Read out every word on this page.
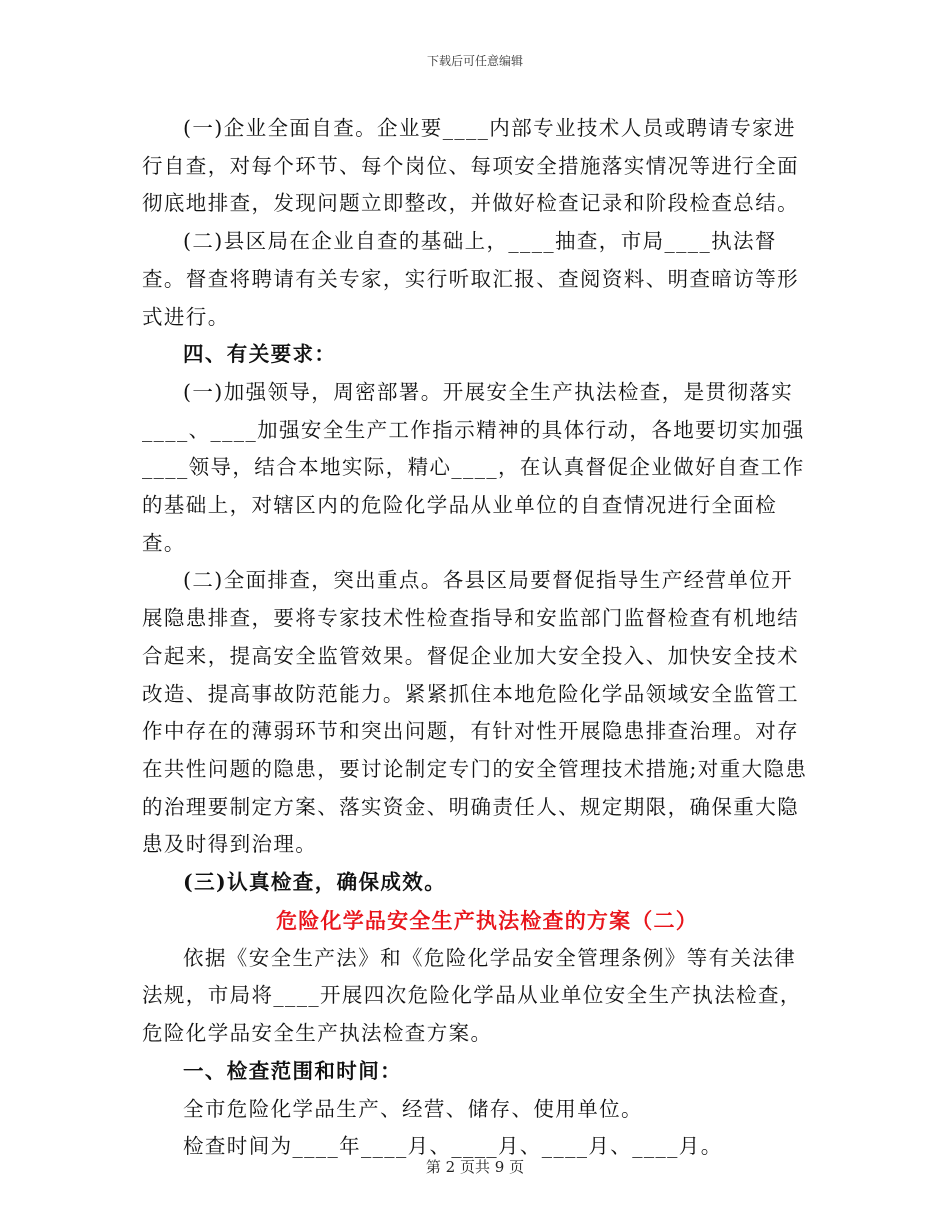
下载后可任意编辑

(一)企业全面自查。企业要____内部专业技术人员或聘请专家进行自查，对每个环节、每个岗位、每项安全措施落实情况等进行全面彻底地排查，发现问题立即整改，并做好检查记录和阶段检查总结。

(二)县区局在企业自查的基础上，____抽查，市局____执法督查。督查将聘请有关专家，实行听取汇报、查阅资料、明查暗访等形式进行。

四、有关要求：

(一)加强领导，周密部署。开展安全生产执法检查，是贯彻落实____、____加强安全生产工作指示精神的具体行动，各地要切实加强____领导，结合本地实际，精心____，在认真督促企业做好自查工作的基础上，对辖区内的危险化学品从业单位的自查情况进行全面检查。

(二)全面排查，突出重点。各县区局要督促指导生产经营单位开展隐患排查，要将专家技术性检查指导和安监部门监督检查有机地结合起来，提高安全监管效果。督促企业加大安全投入、加快安全技术改造、提高事故防范能力。紧紧抓住本地危险化学品领域安全监管工作中存在的薄弱环节和突出问题，有针对性开展隐患排查治理。对存在共性问题的隐患，要讨论制定专门的安全管理技术措施;对重大隐患的治理要制定方案、落实资金、明确责任人、规定期限，确保重大隐患及时得到治理。

(三)认真检查，确保成效。

危险化学品安全生产执法检查的方案（二）

依据《安全生产法》和《危险化学品安全管理条例》等有关法律法规，市局将____开展四次危险化学品从业单位安全生产执法检查，危险化学品安全生产执法检查方案。

一、检查范围和时间：

全市危险化学品生产、经营、储存、使用单位。

检查时间为____年____月、____月、____月、____月。

第 2 页共 9 页
